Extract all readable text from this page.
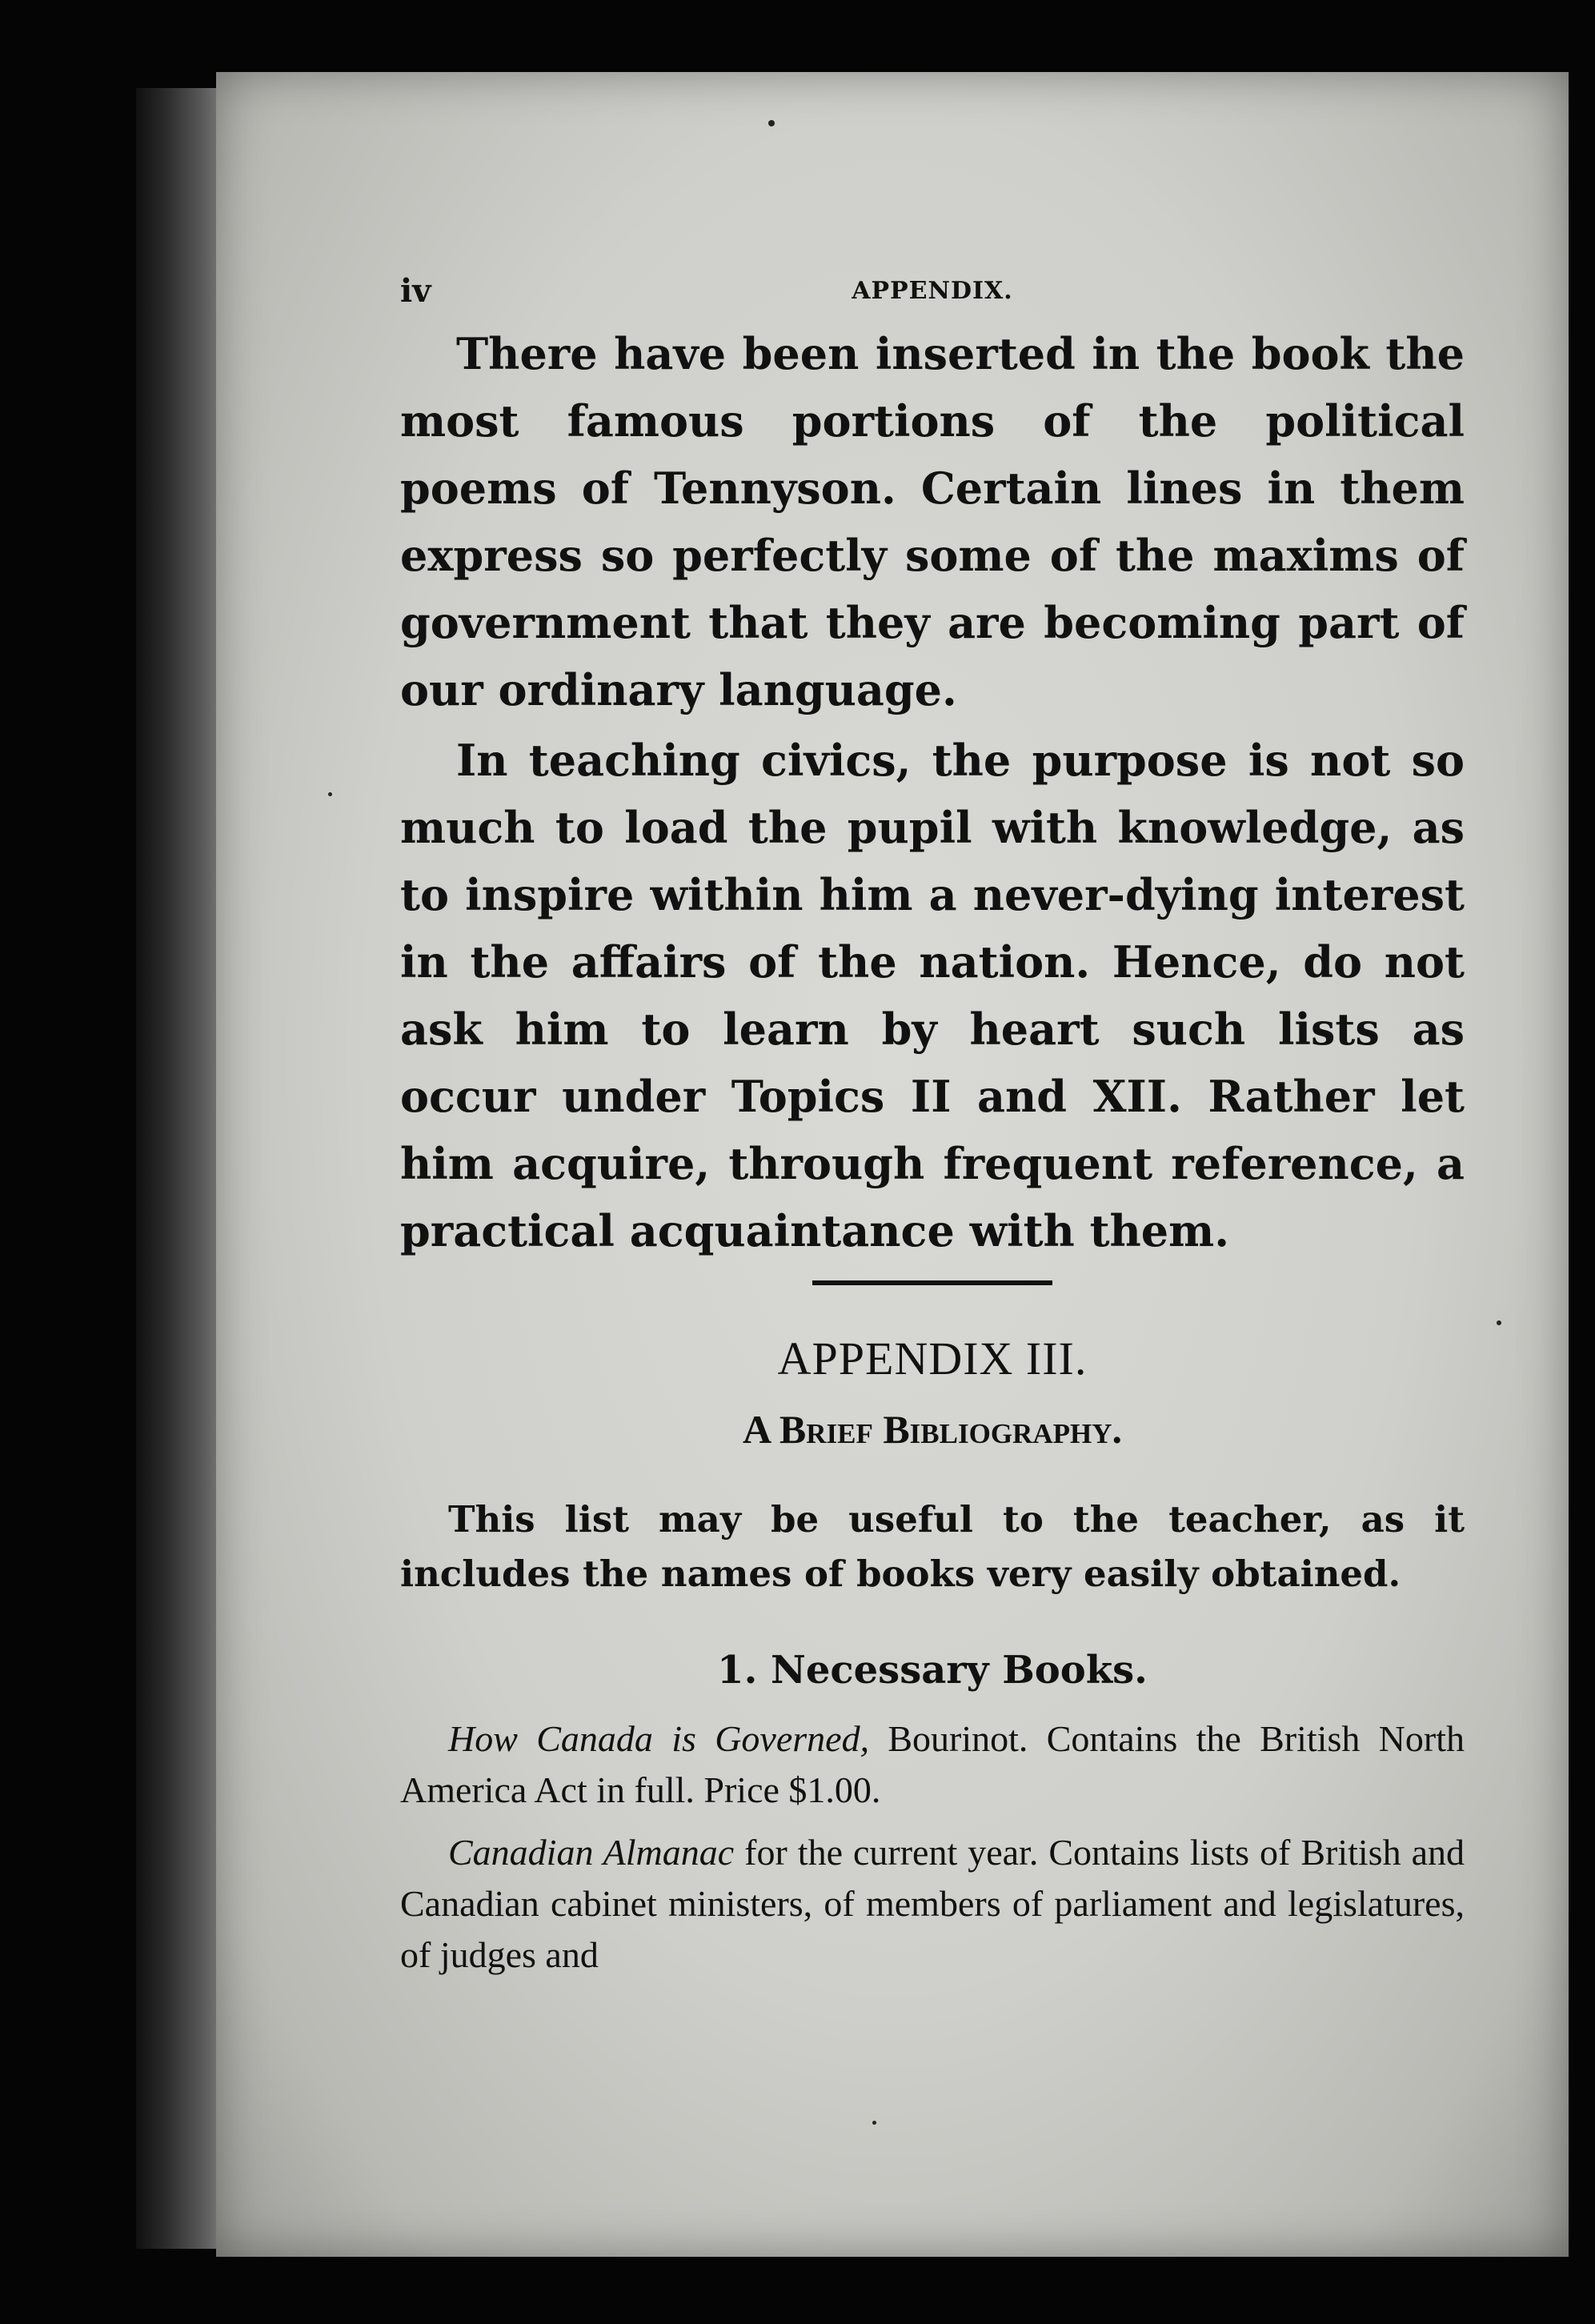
iv	APPENDIX.

There have been inserted in the book the most famous portions of the political poems of Tennyson. Certain lines in them express so perfectly some of the maxims of government that they are becoming part of our ordinary language.

In teaching civics, the purpose is not so much to load the pupil with knowledge, as to inspire within him a never-dying interest in the affairs of the nation. Hence, do not ask him to learn by heart such lists as occur under Topics II and XII. Rather let him acquire, through frequent reference, a practical acquaintance with them.

APPENDIX III.
A Brief Bibliography.

This list may be useful to the teacher, as it includes the names of books very easily obtained.

1. Necessary Books.

How Canada is Governed, Bourinot. Contains the British North America Act in full. Price $1.00.

Canadian Almanac for the current year. Contains lists of British and Canadian cabinet ministers, of members of parliament and legislatures, of judges and
